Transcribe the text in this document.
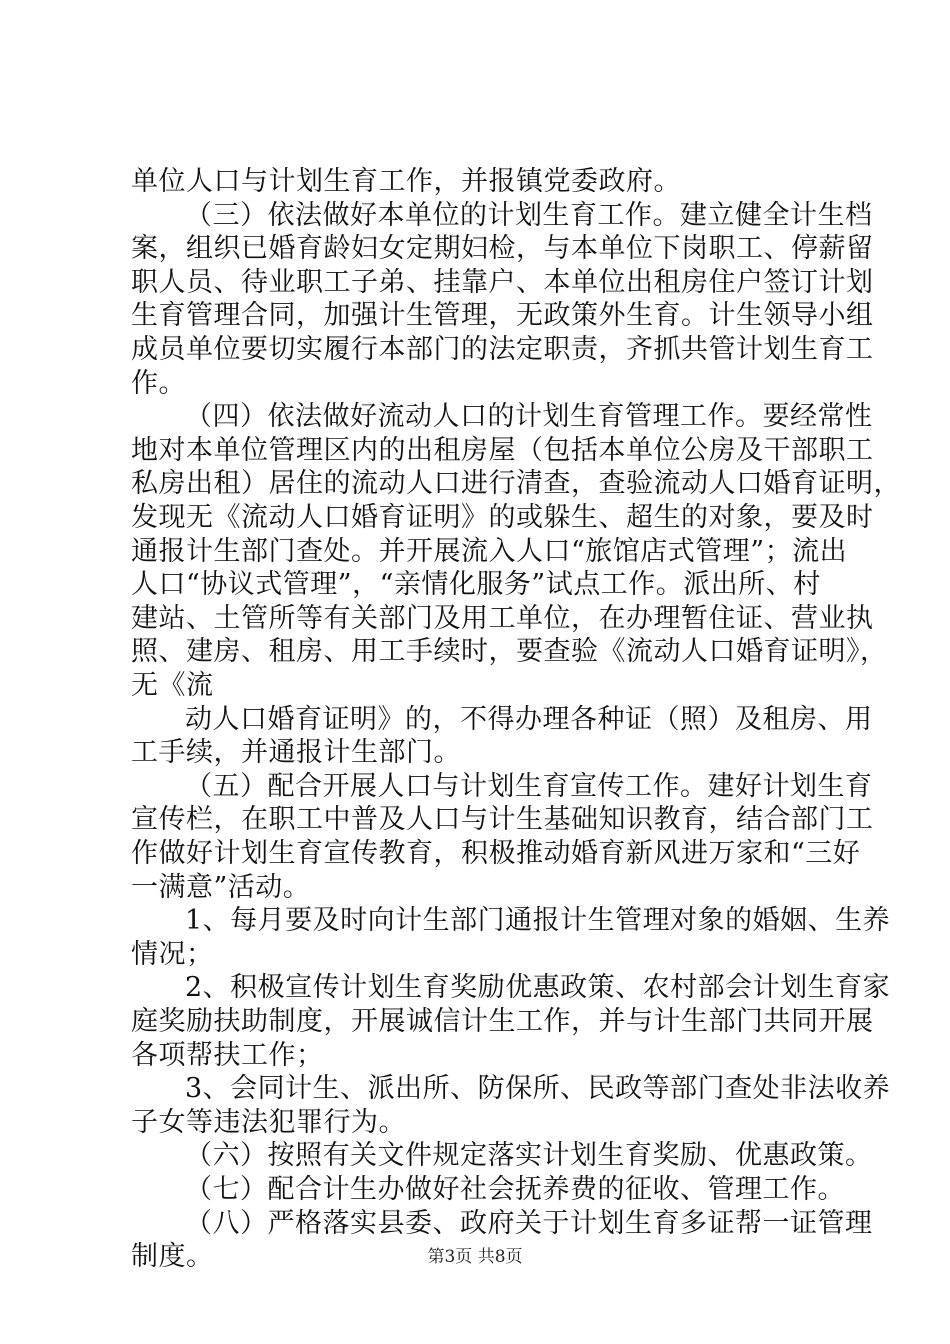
单位人口与计划生育工作，并报镇党委政府。
（三）依法做好本单位的计划生育工作。建立健全计生档
案，组织已婚育龄妇女定期妇检，与本单位下岗职工、停薪留
职人员、待业职工子弟、挂靠户、本单位出租房住户签订计划
生育管理合同，加强计生管理，无政策外生育。计生领导小组
成员单位要切实履行本部门的法定职责，齐抓共管计划生育工
作。
（四）依法做好流动人口的计划生育管理工作。要经常性
地对本单位管理区内的出租房屋（包括本单位公房及干部职工
私房出租）居住的流动人口进行清查，查验流动人口婚育证明，
发现无《流动人口婚育证明》的或躲生、超生的对象，要及时
通报计生部门查处。并开展流入人口“旅馆店式管理”；流出
人口“协议式管理”，“亲情化服务”试点工作。派出所、村
建站、土管所等有关部门及用工单位，在办理暂住证、营业执
照、建房、租房、用工手续时，要查验《流动人口婚育证明》，
无《流
动人口婚育证明》的，不得办理各种证（照）及租房、用
工手续，并通报计生部门。
（五）配合开展人口与计划生育宣传工作。建好计划生育
宣传栏，在职工中普及人口与计生基础知识教育，结合部门工
作做好计划生育宣传教育，积极推动婚育新风进万家和“三好
一满意”活动。
1、每月要及时向计生部门通报计生管理对象的婚姻、生养
情况；
2、积极宣传计划生育奖励优惠政策、农村部会计划生育家
庭奖励扶助制度，开展诚信计生工作，并与计生部门共同开展
各项帮扶工作；
3、会同计生、派出所、防保所、民政等部门查处非法收养
子女等违法犯罪行为。
（六）按照有关文件规定落实计划生育奖励、优惠政策。
（七）配合计生办做好社会抚养费的征收、管理工作。
（八）严格落实县委、政府关于计划生育多证帮一证管理
制度。	第3页 共8页
